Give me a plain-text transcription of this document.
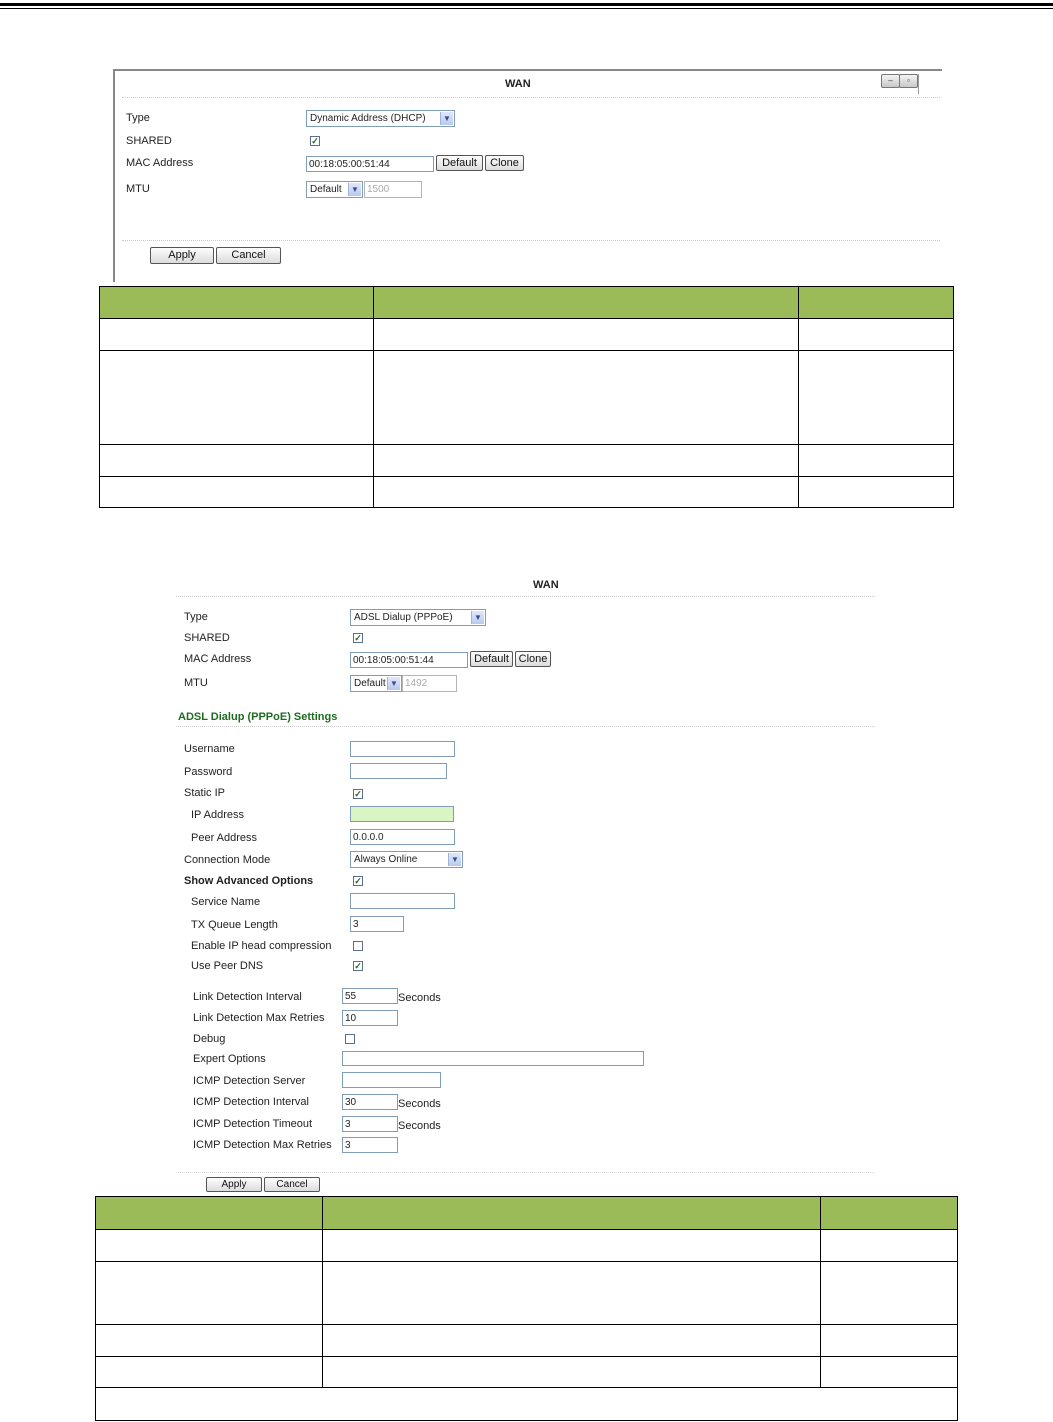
WAN	–	▫
Type	Dynamic Address (DHCP)	▼
SHARED	✓
MAC Address	00:18:05:00:51:44	Default	Clone
MTU	Default	▼ 1500
Apply	Cancel

WAN
Type	ADSL Dialup (PPPoE)	▼
SHARED	✓
MAC Address	00:18:05:00:51:44	Default Clone
MTU	Default ▼ 1492
ADSL Dialup (PPPoE) Settings
Username
Password
Static IP	✓
IP Address
Peer Address	0.0.0.0
Connection Mode	Always Online	▼
Show Advanced Options	✓
Service Name
TX Queue Length	3
Enable IP head compression
Use Peer DNS	✓
Link Detection Interval	55	Seconds
Link Detection Max Retries	10
Debug
Expert Options
ICMP Detection Server
ICMP Detection Interval	30	Seconds
ICMP Detection Timeout	3	Seconds
ICMP Detection Max Retries	3
Apply	Cancel
